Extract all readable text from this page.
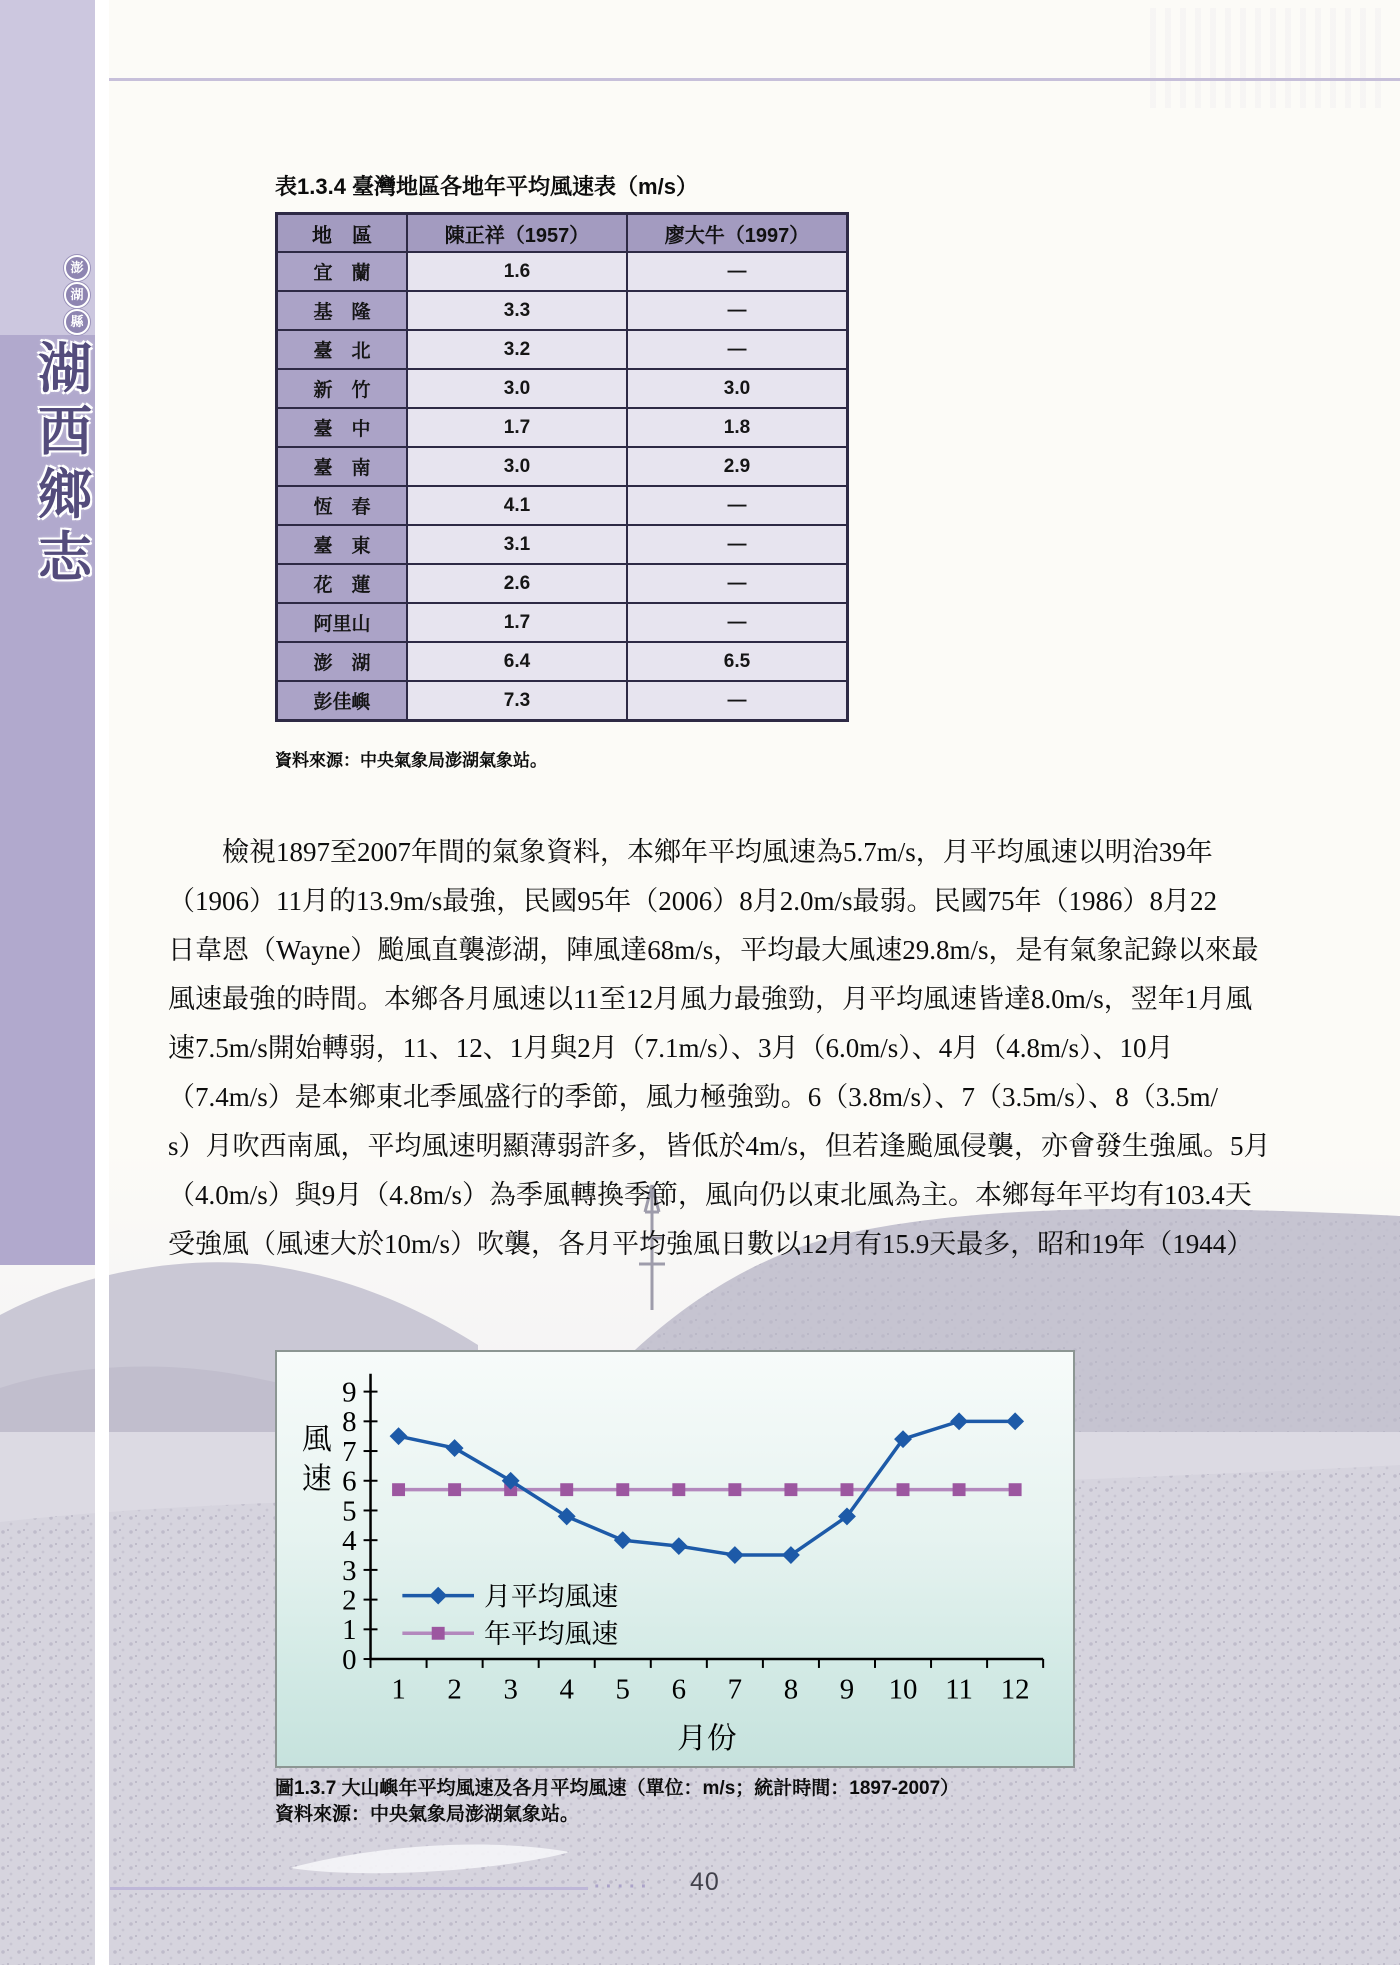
澎
湖
縣
湖
西
鄉
志
表1.3.4 臺灣地區各地年平均風速表（m/s）
地　區	陳正祥（1957）	廖大牛（1997）
宜　蘭	1.6	—
基　隆	3.3	—
臺　北	3.2	—
新　竹	3.0	3.0
臺　中	1.7	1.8
臺　南	3.0	2.9
恆　春	4.1	—
臺　東	3.1	—
花　蓮	2.6	—
阿里山	1.7	—
澎　湖	6.4	6.5
彭佳嶼	7.3	—
資料來源：中央氣象局澎湖氣象站。
檢視1897至2007年間的氣象資料，本鄉年平均風速為5.7m/s，月平均風速以明治39年
（1906）11月的13.9m/s最強，民國95年（2006）8月2.0m/s最弱。民國75年（1986）8月22
日韋恩（Wayne）颱風直襲澎湖，陣風達68m/s，平均最大風速29.8m/s，是有氣象記錄以來最
風速最強的時間。本鄉各月風速以11至12月風力最強勁，月平均風速皆達8.0m/s，翌年1月風
速7.5m/s開始轉弱，11、12、1月與2月（7.1m/s）、3月（6.0m/s）、4月（4.8m/s）、10月
（7.4m/s）是本鄉東北季風盛行的季節，風力極強勁。6（3.8m/s）、7（3.5m/s）、8（3.5m/
s）月吹西南風，平均風速明顯薄弱許多，皆低於4m/s，但若逢颱風侵襲，亦會發生強風。5月
（4.0m/s）與9月（4.8m/s）為季風轉換季節，風向仍以東北風為主。本鄉每年平均有103.4天
受強風（風速大於10m/s）吹襲，各月平均強風日數以12月有15.9天最多，昭和19年（1944）
0
1
2
3
4
5
6
7
8
9
1 2 3 4 5 6 7 8 9 10 11 12
月份
風
速
月平均風速
年平均風速
圖1.3.7 大山嶼年平均風速及各月平均風速（單位：m/s；統計時間：1897-2007）
資料來源：中央氣象局澎湖氣象站。
····· 40
